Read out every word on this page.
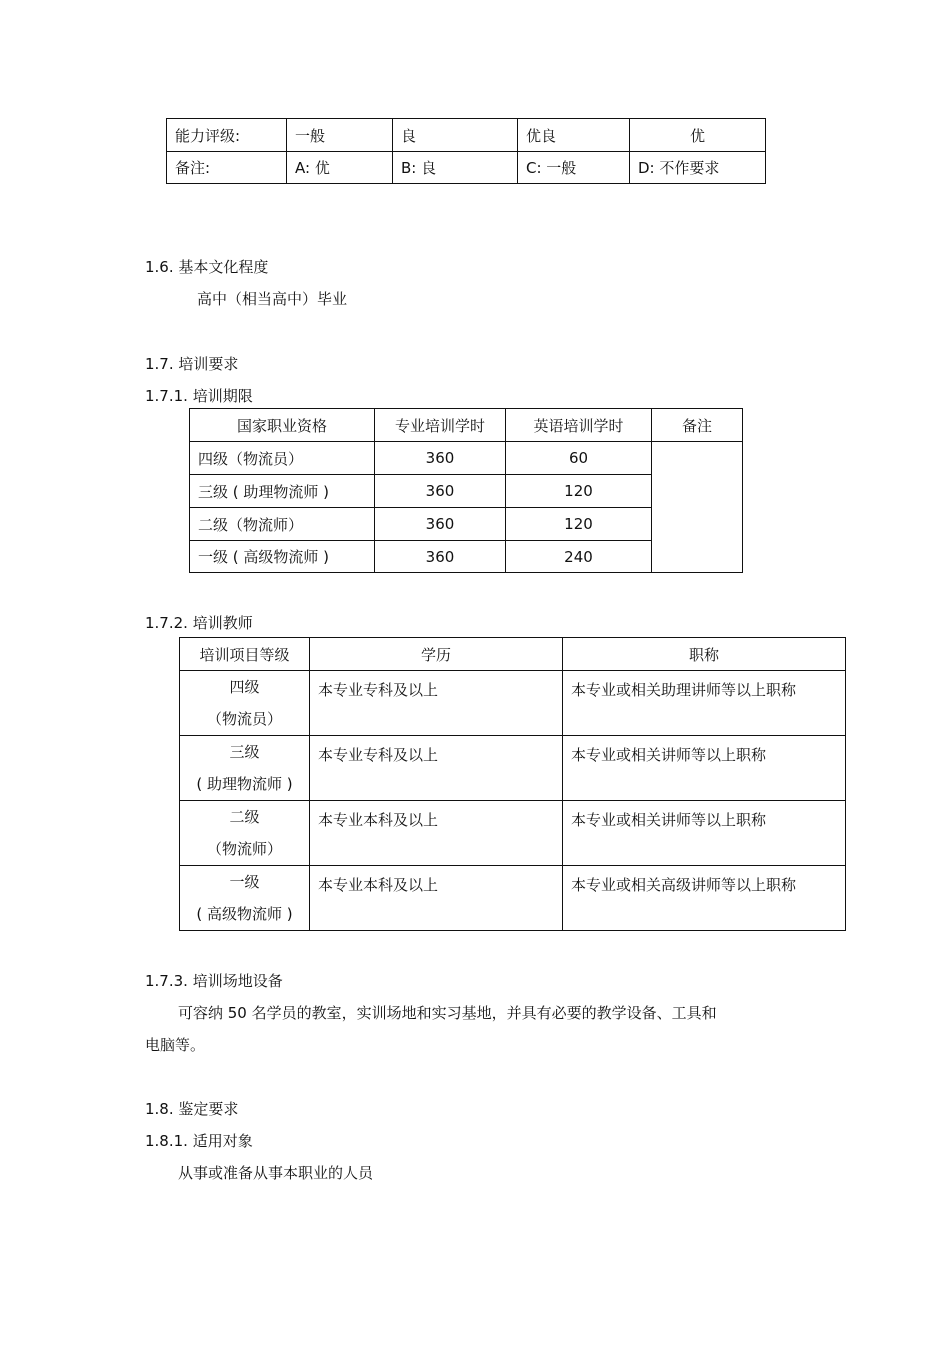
能力评级:	一般	良	优良	优
备注:	A: 优	B: 良	C: 一般	D: 不作要求
1.6. 基本文化程度
高中（相当高中）毕业
1.7. 培训要求
1.7.1. 培训期限
国家职业资格	专业培训学时	英语培训学时	备注
四级（物流员）	360	60	
三级 ( 助理物流师 )	360	120	
二级（物流师）	360	120	
一级 ( 高级物流师 )	360	240	
1.7.2. 培训教师
培训项目等级	学历	职称

四级
（物流员）	本专业专科及以上	本专业或相关助理讲师等以上职称

三级
( 助理物流师 )	本专业专科及以上	本专业或相关讲师等以上职称

二级
（物流师）	本专业本科及以上	本专业或相关讲师等以上职称

一级
( 高级物流师 )	本专业本科及以上	本专业或相关高级讲师等以上职称
1.7.3. 培训场地设备
可容纳 50 名学员的教室，实训场地和实习基地，并具有必要的教学设备、工具和
电脑等。
1.8. 鉴定要求
1.8.1. 适用对象
从事或准备从事本职业的人员
